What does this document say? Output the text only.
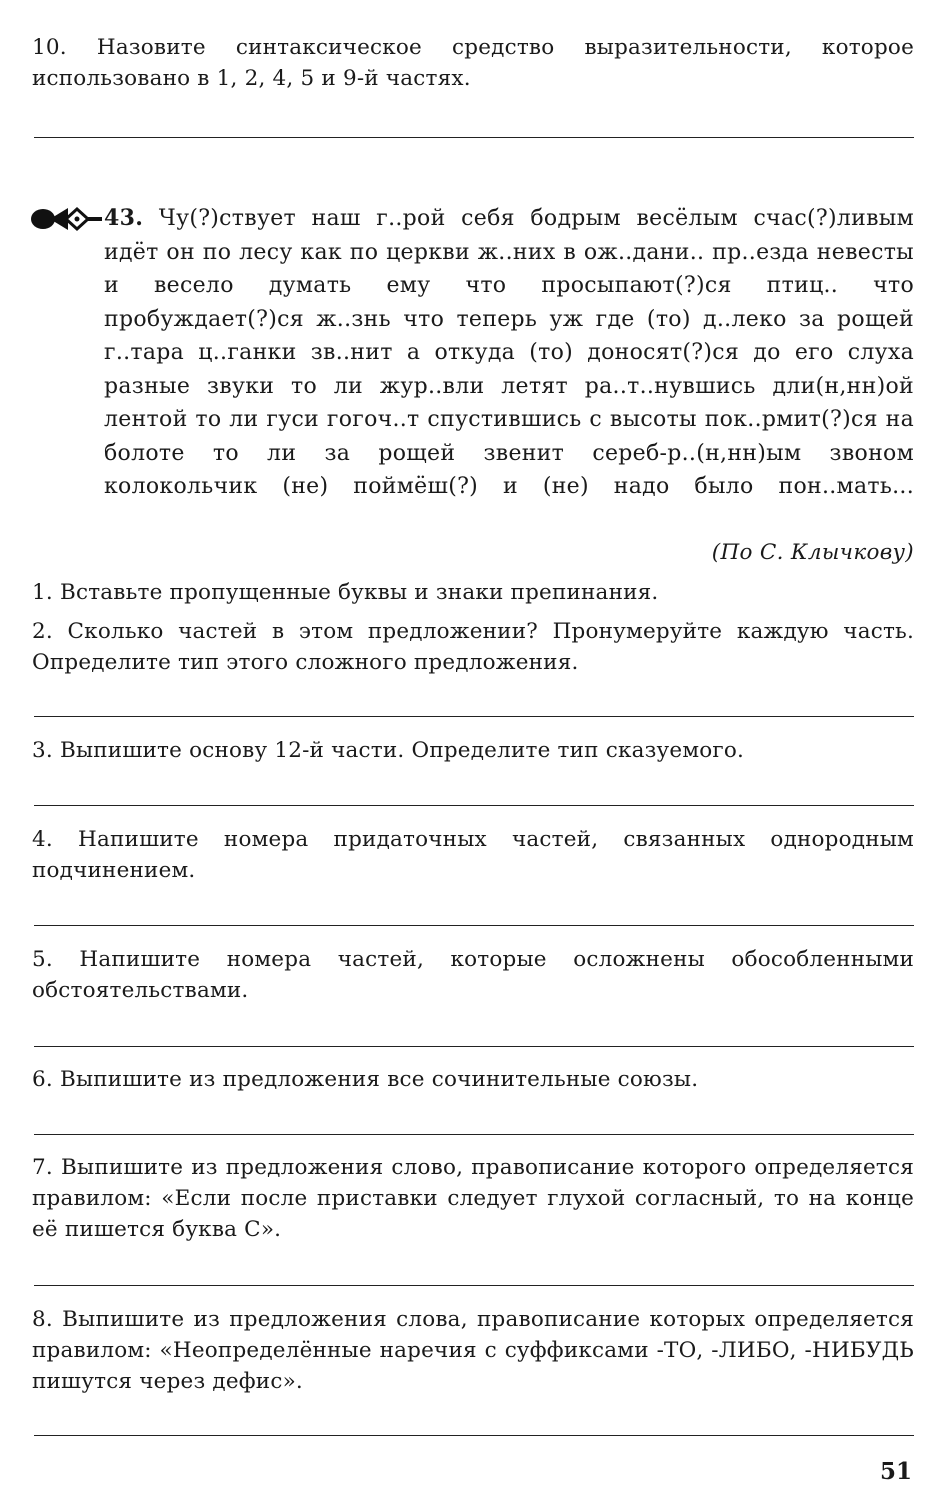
10. Назовите синтаксическое средство выразительности, которое использовано в 1, 2, 4, 5 и 9-й частях.
43. Чу(?)ствует наш г..рой себя бодрым весёлым счас(?)ливым идёт он по лесу как по церкви ж..них в ож..дани.. пр..езда невесты и весело думать ему что просыпают(?)ся птиц.. что пробуждает(?)ся ж..знь что теперь уж где (то) д..леко за рощей г..тара ц..ганки зв..нит а откуда (то) доносят(?)ся до его слуха разные звуки то ли жур..вли летят ра..т..нувшись дли(н,нн)ой лентой то ли гуси гогоч..т спустившись с высоты пок..рмит(?)ся на болоте то ли за рощей звенит сереб-р..(н,нн)ым звоном колокольчик (не) поймёш(?) и (не) надо было пон..мать...
(По С. Клычкову)
1. Вставьте пропущенные буквы и знаки препинания.
2. Сколько частей в этом предложении? Пронумеруйте каждую часть. Определите тип этого сложного предложения.
3. Выпишите основу 12-й части. Определите тип сказуемого.
4. Напишите номера придаточных частей, связанных однородным подчинением.
5. Напишите номера частей, которые осложнены обособленными обстоятельствами.
6. Выпишите из предложения все сочинительные союзы.
7. Выпишите из предложения слово, правописание которого определяется правилом: «Если после приставки следует глухой согласный, то на конце её пишется буква С».
8. Выпишите из предложения слова, правописание которых определяется правилом: «Неопределённые наречия с суффиксами -ТО, -ЛИБО, -НИБУДЬ пишутся через дефис».
51
